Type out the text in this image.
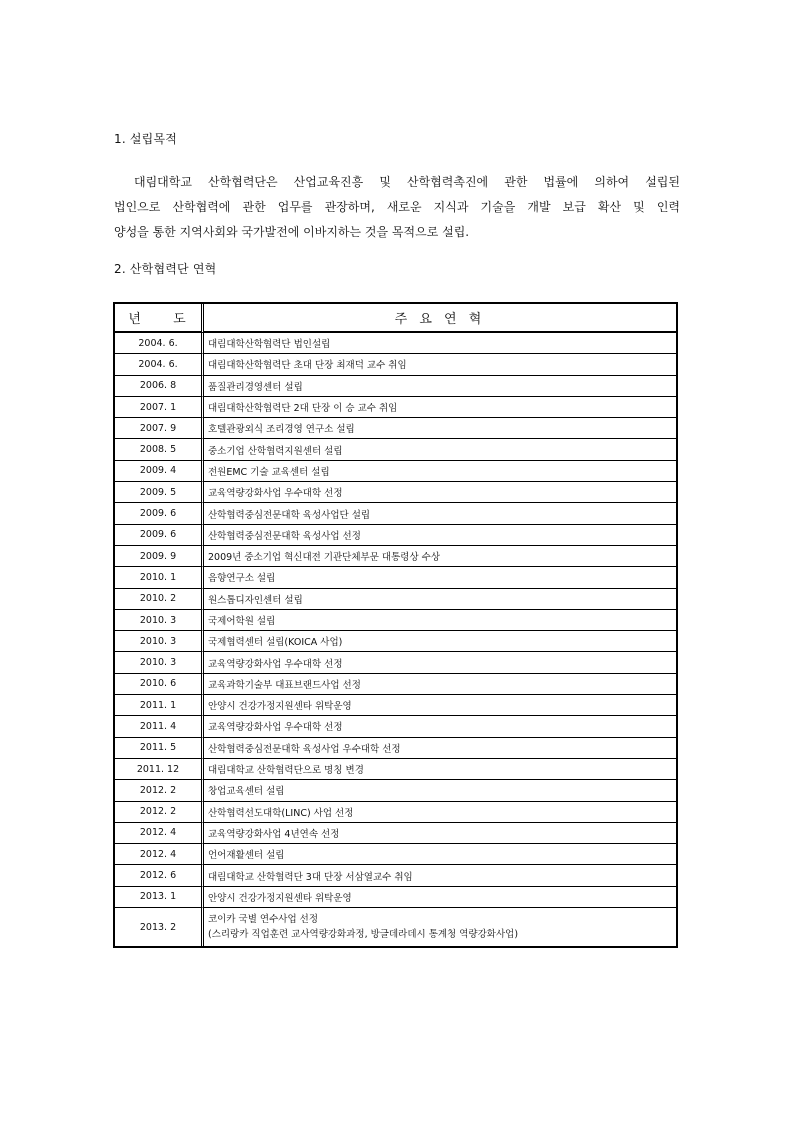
1. 설립목적
대림대학교 산학협력단은 산업교육진흥 및 산학협력촉진에 관한 법률에 의하여 설립된
법인으로 산학협력에 관한 업무를 관장하며, 새로운 지식과 기술을 개발 보급 확산 및 인력
양성을 통한 지역사회와 국가발전에 이바지하는 것을 목적으로 설립.
2. 산학협력단 연혁
년 도	주 요 연 혁
2004. 6.	대림대학산학협력단 법인설립
2004. 6.	대림대학산학협력단 초대 단장 최재덕 교수 취임
2006. 8	품질관리경영센터 설립
2007. 1	대림대학산학협력단 2대 단장 이 승 교수 취임
2007. 9	호텔관광외식 조리경영 연구소 설립
2008. 5	중소기업 산학협력지원센터 설립
2009. 4	전원EMC 기술 교육센터 설립
2009. 5	교육역량강화사업 우수대학 선정
2009. 6	산학협력중심전문대학 육성사업단 설립
2009. 6	산학협력중심전문대학 육성사업 선정
2009. 9	2009년 중소기업 혁신대전 기관단체부문 대통령상 수상
2010. 1	음향연구소 설립
2010. 2	원스톱디자인센터 설립
2010. 3	국제어학원 설립
2010. 3	국제협력센터 설립(KOICA 사업)
2010. 3	교육역량강화사업 우수대학 선정
2010. 6	교육과학기술부 대표브랜드사업 선정
2011. 1	안양시 건강가정지원센타 위탁운영
2011. 4	교육역량강화사업 우수대학 선정
2011. 5	산학협력중심전문대학 육성사업 우수대학 선정
2011. 12	대림대학교 산학협력단으로 명칭 변경
2012. 2	창업교육센터 설립
2012. 2	산학협력선도대학(LINC) 사업 선정
2012. 4	교육역량강화사업 4년연속 선정
2012. 4	언어재활센터 설립
2012. 6	대림대학교 산학협력단 3대 단장 서삼열교수 취임
2013. 1	안양시 건강가정지원센타 위탁운영
2013. 2	코이카 국별 연수사업 선정
(스리랑카 직업훈련 교사역량강화과정, 방글데라데시 통계청 역량강화사업)
